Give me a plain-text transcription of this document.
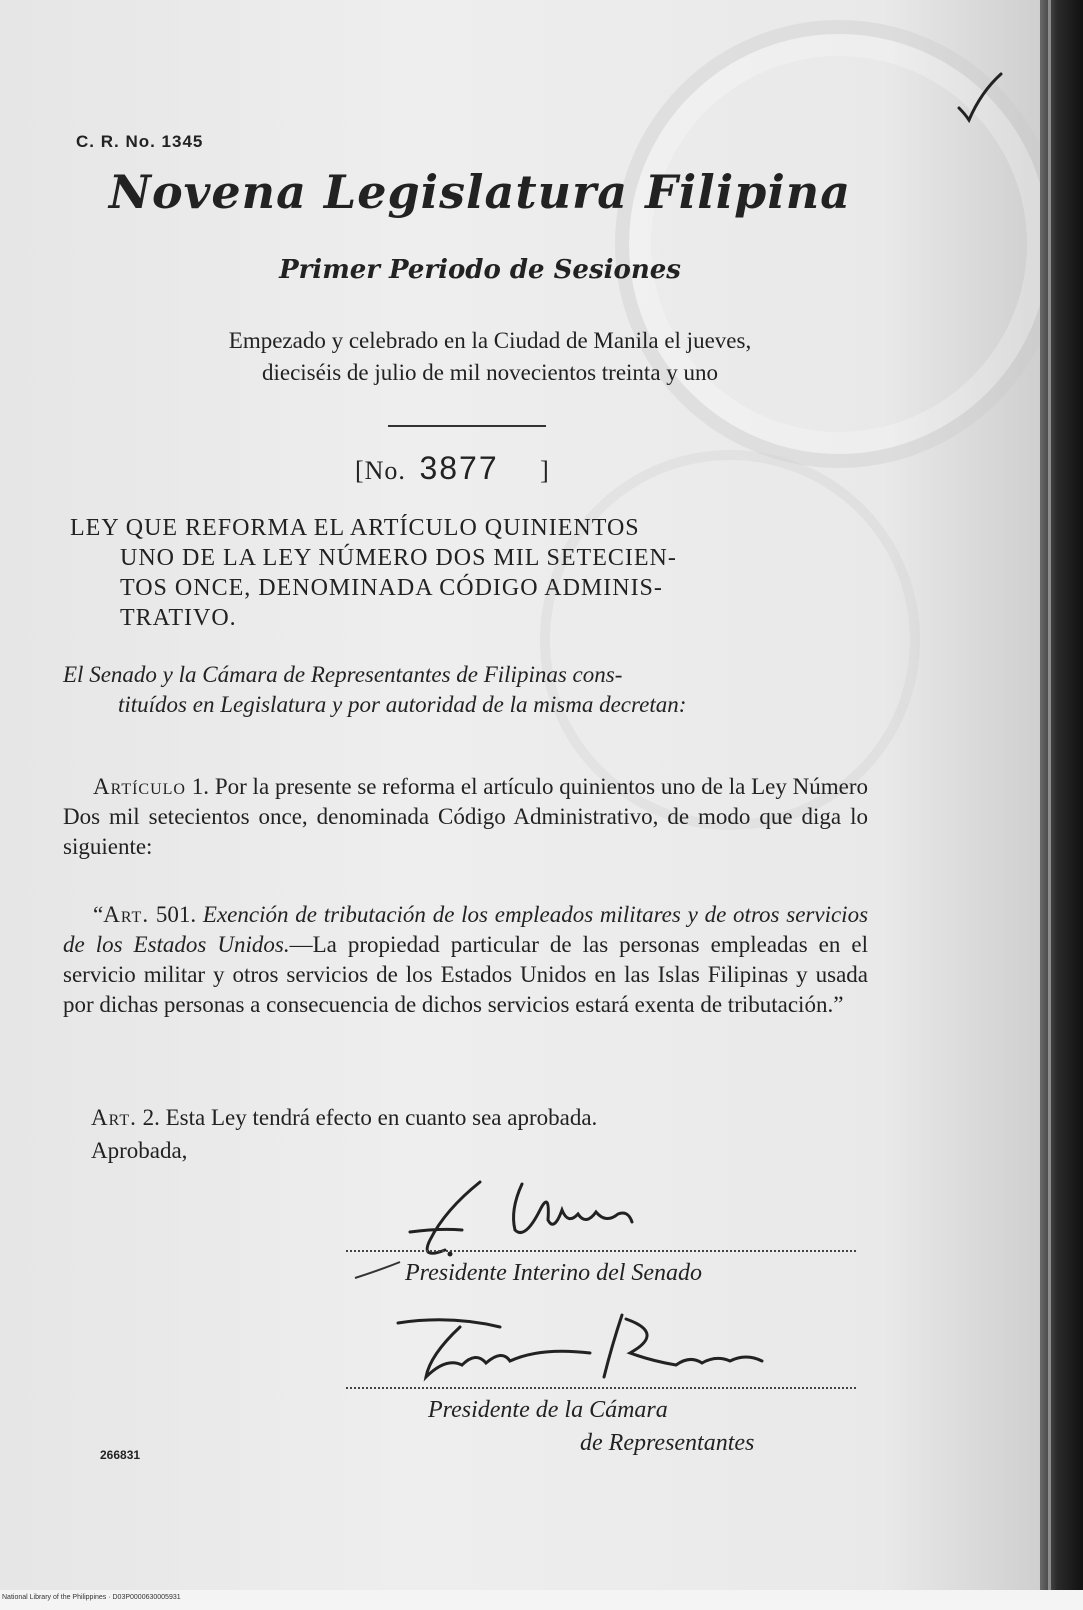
C. R. No. 1345
Novena Legislatura Filipina
Primer Periodo de Sesiones
Empezado y celebrado en la Ciudad de Manila el jueves,
dieciséis de julio de mil novecientos treinta y uno
[No. 3877 ]
LEY QUE REFORMA EL ARTÍCULO QUINIENTOS
UNO DE LA LEY NÚMERO DOS MIL SETECIEN-
TOS ONCE, DENOMINADA CÓDIGO ADMINIS-
TRATIVO.
El Senado y la Cámara de Representantes de Filipinas cons-
tituídos en Legislatura y por autoridad de la misma decretan:
Artículo 1. Por la presente se reforma el artículo quinientos uno de la Ley Número Dos mil setecientos once, denominada Código Administrativo, de modo que diga lo siguiente:
“Art. 501. Exención de tributación de los empleados militares y de otros servicios de los Estados Unidos.—La propiedad particular de las personas empleadas en el servicio militar y otros servicios de los Estados Unidos en las Islas Filipinas y usada por dichas personas a consecuencia de dichos servicios estará exenta de tributación.”
Art. 2. Esta Ley tendrá efecto en cuanto sea aprobada.
Aprobada,
Presidente Interino del Senado
Presidente de la Cámara
de Representantes
266831
National Library of the Philippines · D03P0000630005931
